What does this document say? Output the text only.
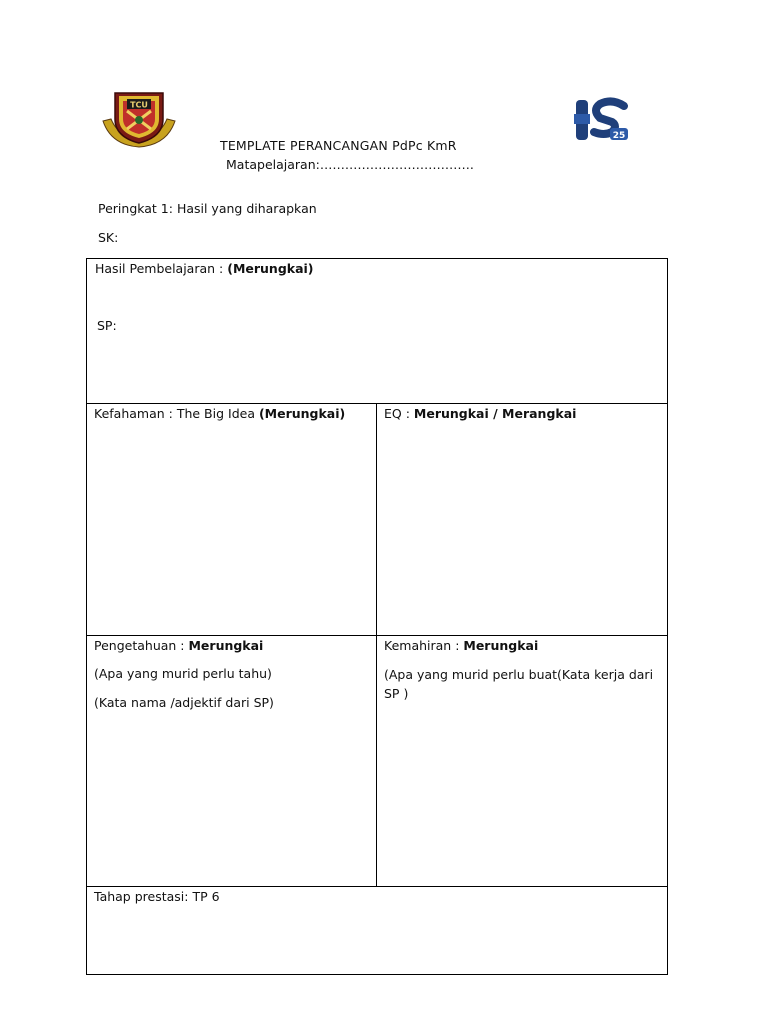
TCU
25
TEMPLATE PERANCANGAN PdPc KmR
Matapelajaran:……………………………….
Peringkat 1: Hasil yang diharapkan
SK:
Hasil Pembelajaran : (Merungkai)
SP:
Kefahaman : The Big Idea (Merungkai)	EQ : Merungkai / Merangkai
Pengetahuan : Merungkai
(Apa yang murid perlu tahu)
(Kata nama /adjektif dari SP)
Kemahiran : Merungkai
(Apa yang murid perlu buat(Kata kerja dari SP )
Tahap prestasi: TP 6
